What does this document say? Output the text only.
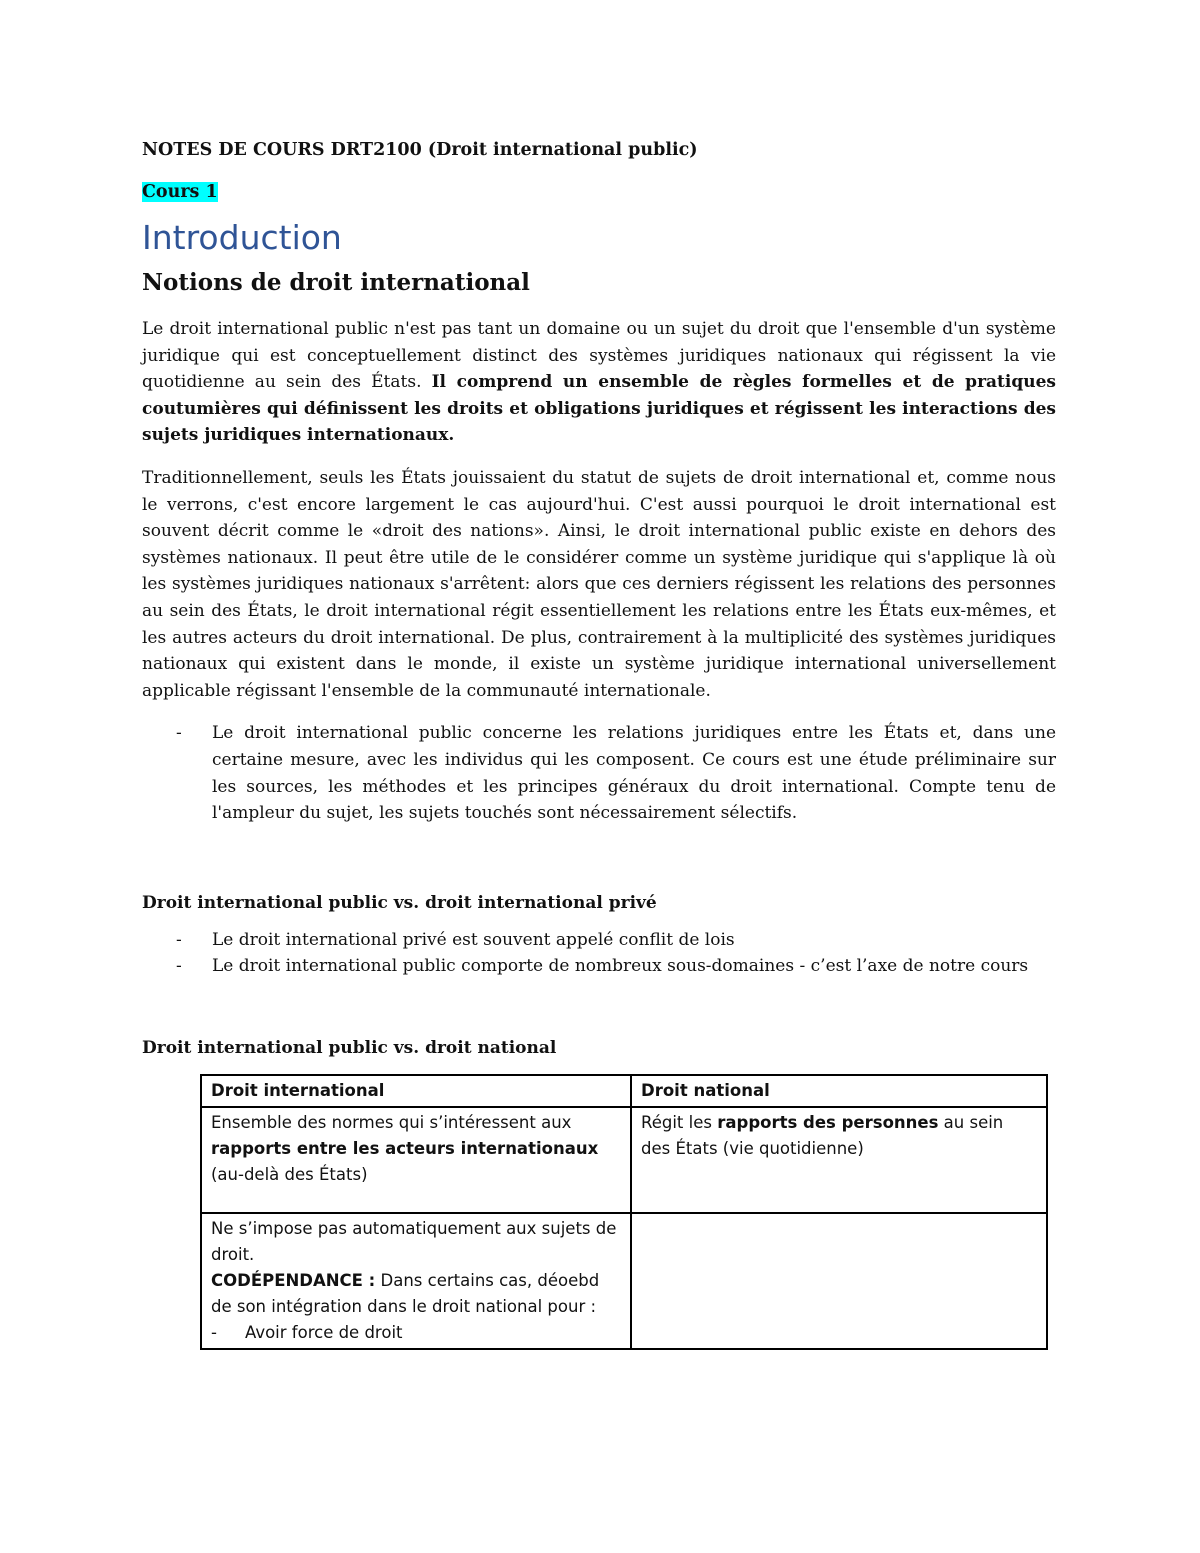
NOTES DE COURS DRT2100 (Droit international public)
Cours 1
Introduction
Notions de droit international

Le droit international public n'est pas tant un domaine ou un sujet du droit que l'ensemble d'un système juridique qui est conceptuellement distinct des systèmes juridiques nationaux qui régissent la vie quotidienne au sein des États. Il comprend un ensemble de règles formelles et de pratiques coutumières qui définissent les droits et obligations juridiques et régissent les interactions des sujets juridiques internationaux.

Traditionnellement, seuls les États jouissaient du statut de sujets de droit international et, comme nous le verrons, c'est encore largement le cas aujourd'hui. C'est aussi pourquoi le droit international est souvent décrit comme le «droit des nations». Ainsi, le droit international public existe en dehors des systèmes nationaux. Il peut être utile de le considérer comme un système juridique qui s'applique là où les systèmes juridiques nationaux s'arrêtent: alors que ces derniers régissent les relations des personnes au sein des États, le droit international régit essentiellement les relations entre les États eux-mêmes, et les autres acteurs du droit international. De plus, contrairement à la multiplicité des systèmes juridiques nationaux qui existent dans le monde, il existe un système juridique international universellement applicable régissant l'ensemble de la communauté internationale.

- Le droit international public concerne les relations juridiques entre les États et, dans une certaine mesure, avec les individus qui les composent. Ce cours est une étude préliminaire sur les sources, les méthodes et les principes généraux du droit international. Compte tenu de l'ampleur du sujet, les sujets touchés sont nécessairement sélectifs.
Droit international public vs. droit international privé
- Le droit international privé est souvent appelé conflit de lois
- Le droit international public comporte de nombreux sous-domaines - c’est l’axe de notre cours
Droit international public vs. droit national
Droit international	Droit national
Ensemble des normes qui s’intéressent aux rapports entre les acteurs internationaux (au-delà des États)	Régit les rapports des personnes au sein des États (vie quotidienne)
Ne s’impose pas automatiquement aux sujets de droit.
CODÉPENDANCE : Dans certains cas, déoebd de son intégration dans le droit national pour :
- Avoir force de droit	
